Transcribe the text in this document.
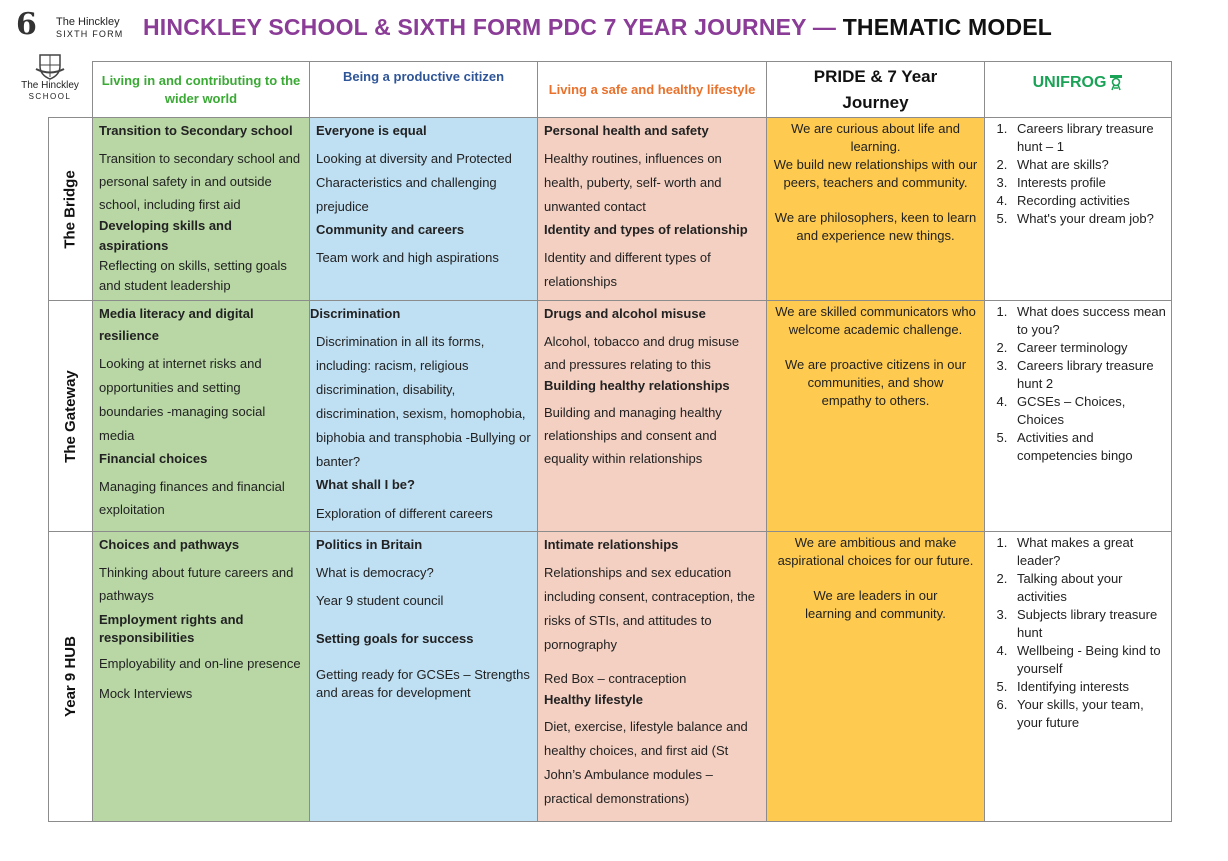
6 The Hinckley
SIXTH FORM
The Hinckley
SCHOOL
HINCKLEY SCHOOL & SIXTH FORM PDC 7 YEAR JOURNEY — THEMATIC MODEL
Living in and contributing to the wider world
Being a productive citizen
Living a safe and healthy lifestyle
PRIDE & 7 Year Journey
UNIFROG
The Bridge

Transition to Secondary school

Transition to secondary school and personal safety in and outside school, including first aid

Developing skills and aspirations

Reflecting on skills, setting goals and student leadership

Everyone is equal

Looking at diversity and Protected Characteristics and challenging prejudice

Community and careers

Team work and high aspirations

Personal health and safety

Healthy routines, influences on health, puberty, self- worth and unwanted contact

Identity and types of relationship

Identity and different types of relationships

We are curious about life and learning.

We build new relationships with our peers, teachers and community.

We are philosophers, keen to learn and experience new things.

1. Careers library treasure hunt – 1
2. What are skills?
3. Interests profile
4. Recording activities
5. What's your dream job?
The Gateway

Media literacy and digital resilience

Looking at internet risks and opportunities and setting boundaries -managing social media

Financial choices

Managing finances and financial exploitation

Discrimination

Discrimination in all its forms, including: racism, religious discrimination, disability, discrimination, sexism, homophobia, biphobia and transphobia -Bullying or banter?

What shall I be?

Exploration of different careers

Drugs and alcohol misuse

Alcohol, tobacco and drug misuse and pressures relating to this

Building healthy relationships

Building and managing healthy relationships and consent and equality within relationships

We are skilled communicators who welcome academic challenge.

We are proactive citizens in our communities, and show empathy to others.

1. What does success mean to you?
2. Career terminology
3. Careers library treasure hunt 2
4. GCSEs – Choices, Choices
5. Activities and competencies bingo
Year 9 HUB

Choices and pathways

Thinking about future careers and pathways

Employment rights and responsibilities

Employability and on-line presence

Mock Interviews

Politics in Britain

What is democracy?

Year 9 student council

Setting goals for success

Getting ready for GCSEs – Strengths and areas for development

Intimate relationships

Relationships and sex education including consent, contraception, the risks of STIs, and attitudes to pornography

Red Box – contraception

Healthy lifestyle

Diet, exercise, lifestyle balance and healthy choices, and first aid (St John’s Ambulance modules – practical demonstrations)

We are ambitious and make aspirational choices for our future.

We are leaders in our learning and community.

1. What makes a great leader?
2. Talking about your activities
3. Subjects library treasure hunt
4. Wellbeing - Being kind to yourself
5. Identifying interests
6. Your skills, your team, your future
